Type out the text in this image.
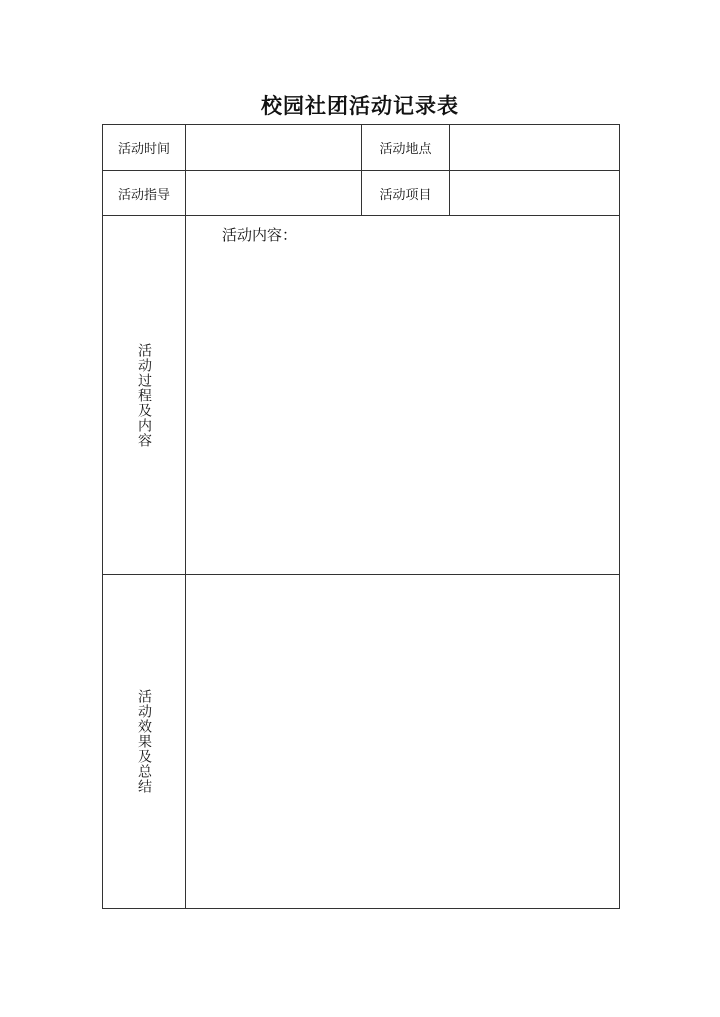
校园社团活动记录表
活动时间	活动地点
活动指导	活动项目
活动过程及内容
活动内容：
活动效果及总结
